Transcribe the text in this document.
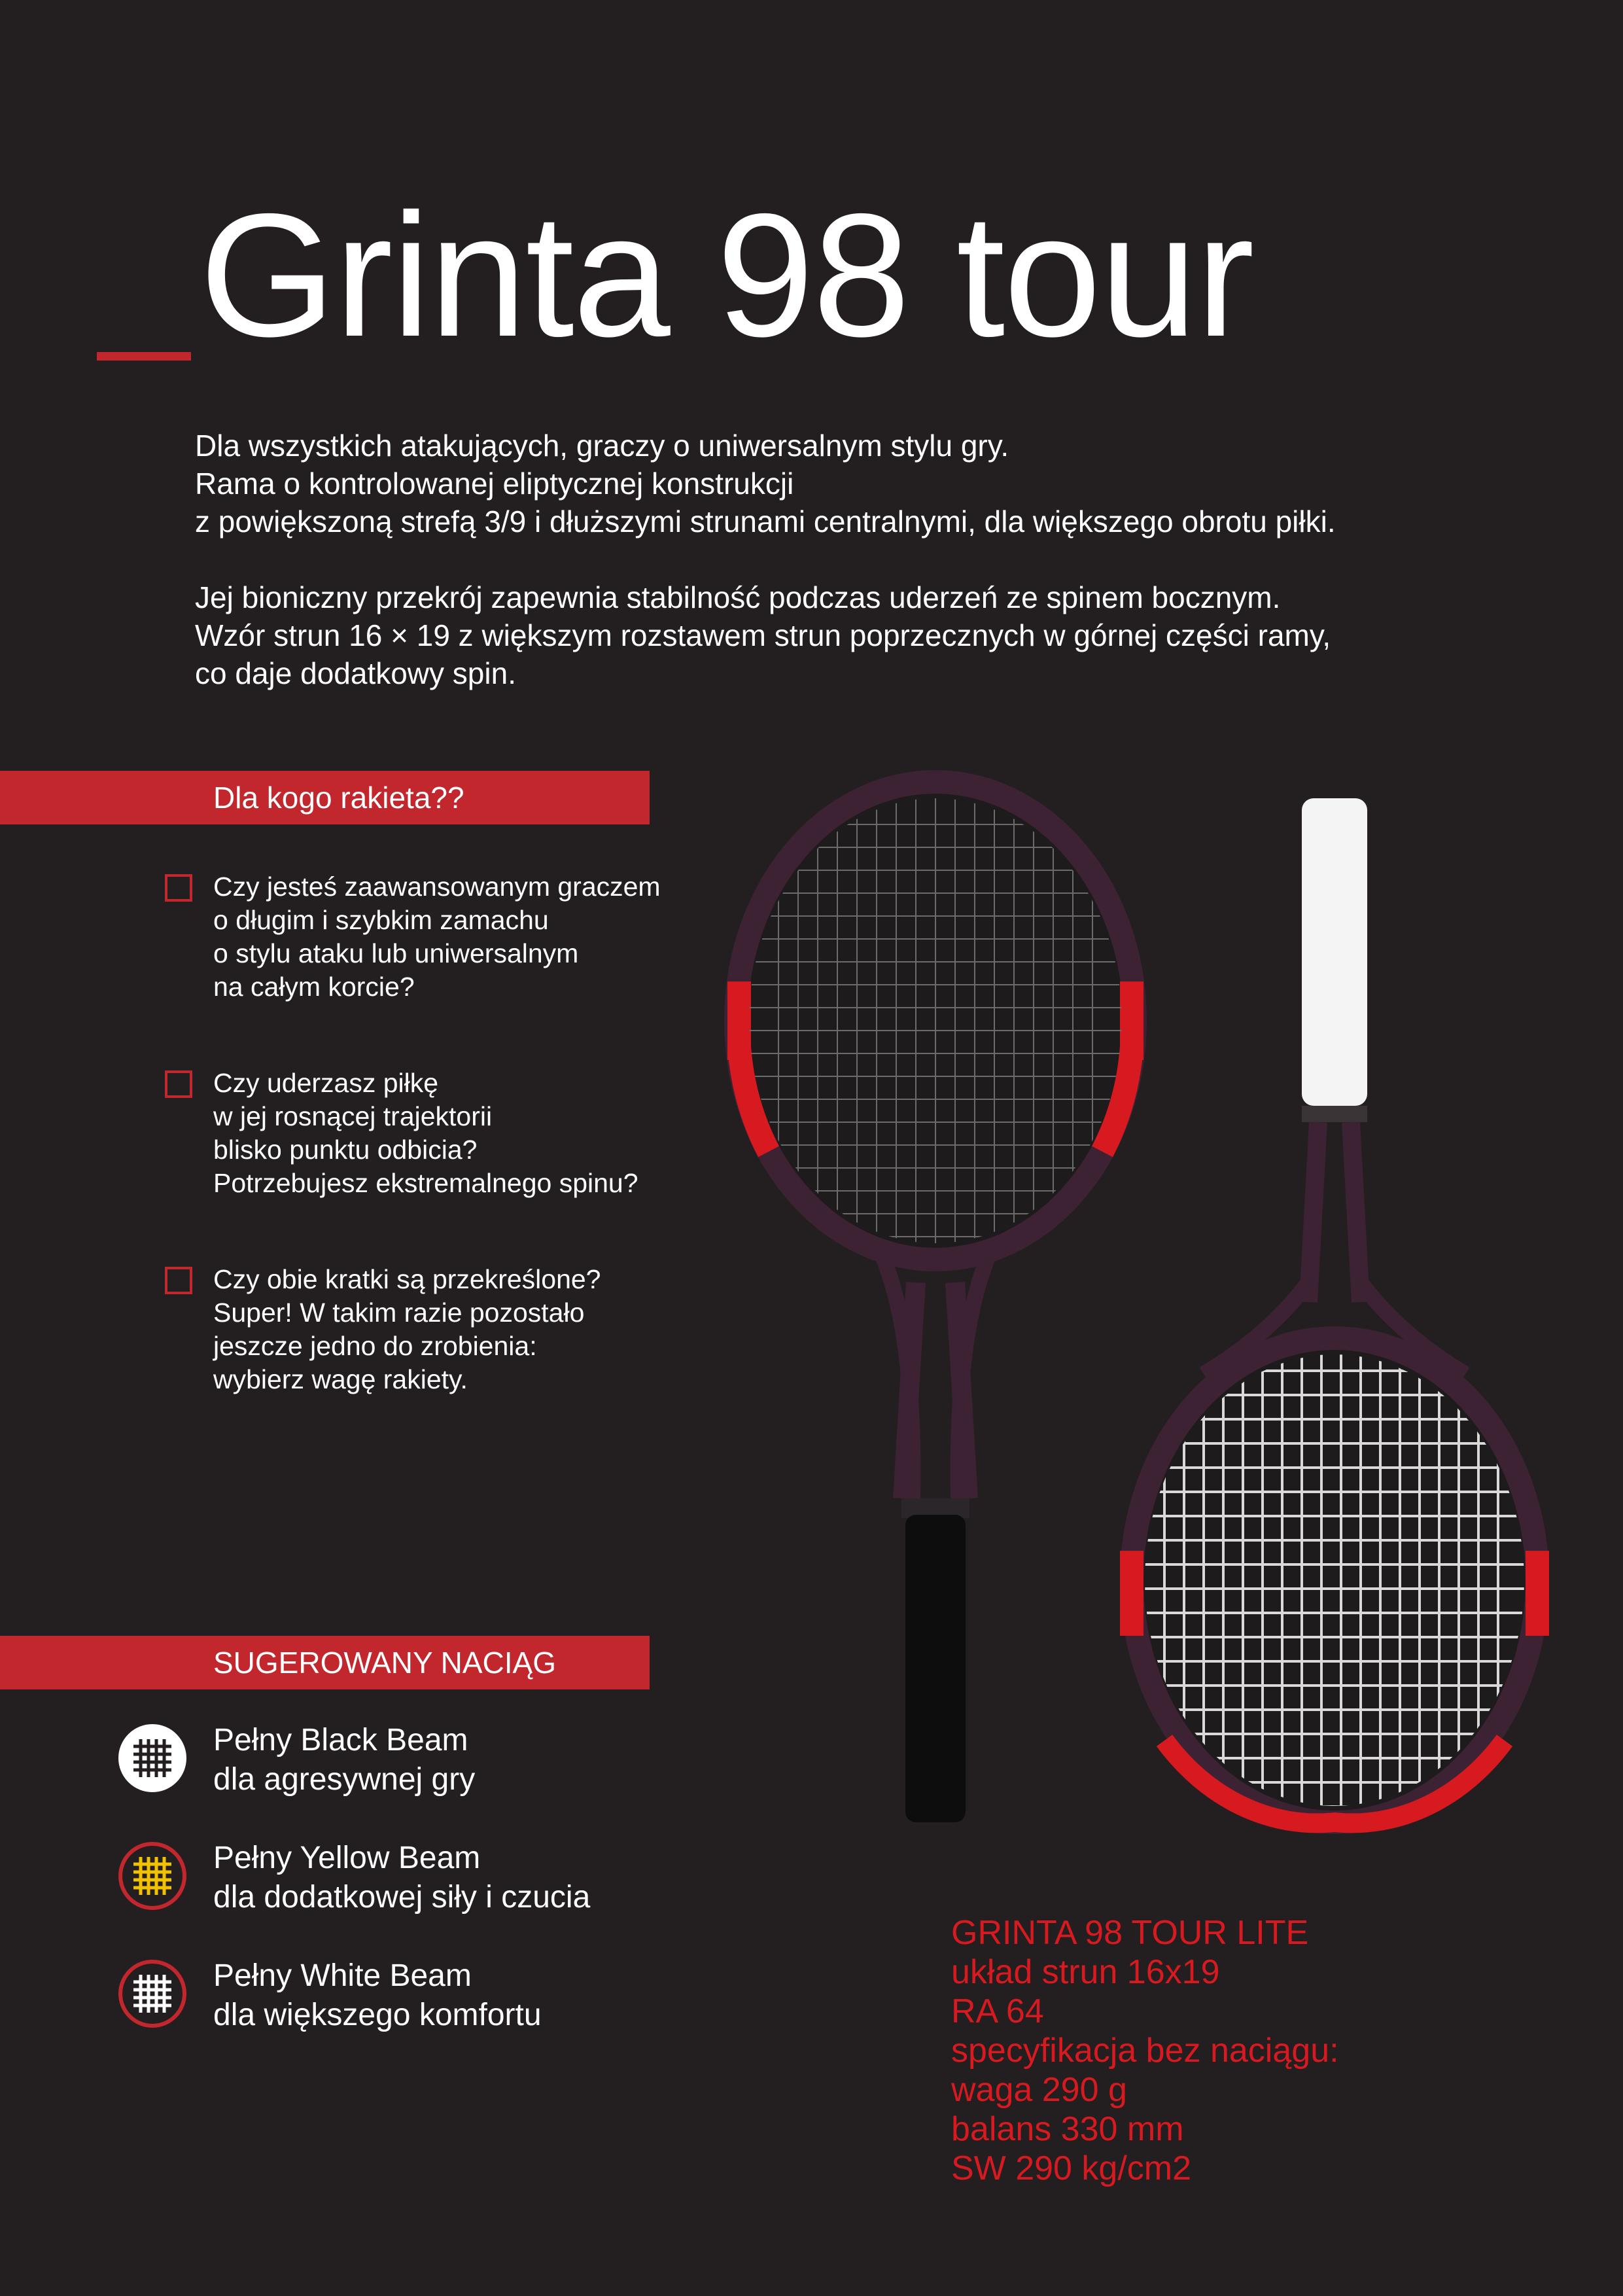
Grinta 98 tour

Dla wszystkich atakujących, graczy o uniwersalnym stylu gry.
Rama o kontrolowanej eliptycznej konstrukcji
z powiększoną strefą 3/9 i dłuższymi strunami centralnymi, dla większego obrotu piłki.

Jej bioniczny przekrój zapewnia stabilność podczas uderzeń ze spinem bocznym.
Wzór strun 16 × 19 z większym rozstawem strun poprzecznych w górnej części ramy,
co daje dodatkowy spin.

Dla kogo rakieta??
Czy jesteś zaawansowanym graczem
o długim i szybkim zamachu
o stylu ataku lub uniwersalnym
na całym korcie?
Czy uderzasz piłkę
w jej rosnącej trajektorii
blisko punktu odbicia?
Potrzebujesz ekstremalnego spinu?
Czy obie kratki są przekreślone?
Super! W takim razie pozostało
jeszcze jedno do zrobienia:
wybierz wagę rakiety.
SUGEROWANY NACIĄG
Pełny Black Beam
dla agresywnej gry
Pełny Yellow Beam
dla dodatkowej siły i czucia
Pełny White Beam
dla większego komfortu
GRINTA 98 TOUR LITE
układ strun 16x19
RA 64
specyfikacja bez naciągu:
waga 290 g
balans 330 mm
SW 290 kg/cm2
